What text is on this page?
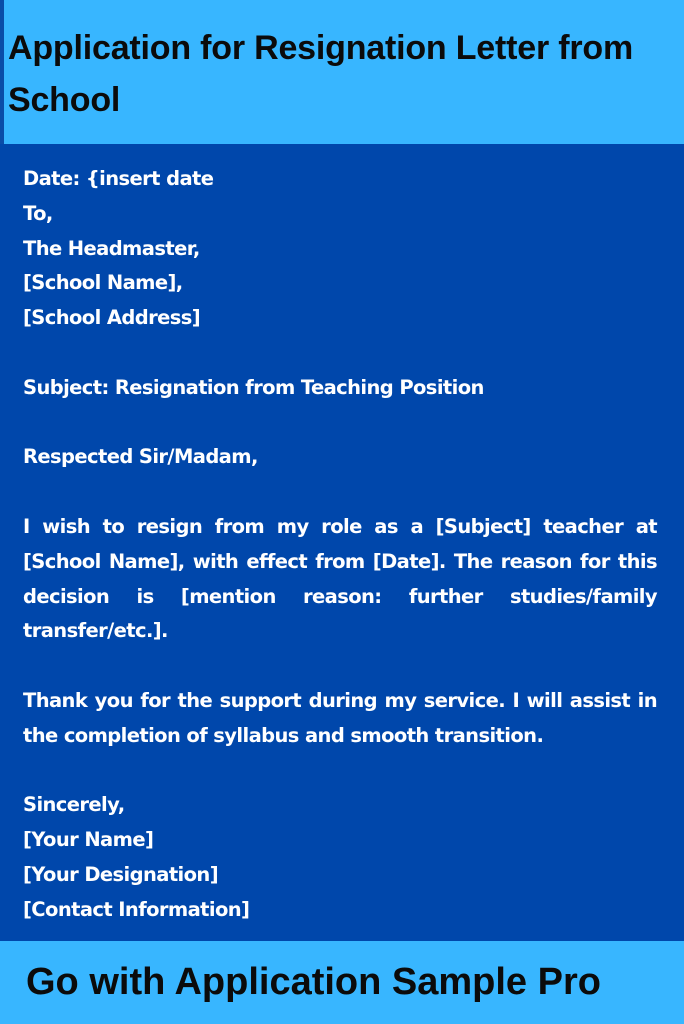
Application for Resignation Letter from School
Date: {insert date
To,
The Headmaster,
[School Name],
[School Address]
Subject: Resignation from Teaching Position
Respected Sir/Madam,
I wish to resign from my role as a [Subject] teacher at [School Name], with effect from [Date]. The reason for this decision is [mention reason: further studies/family transfer/etc.].
Thank you for the support during my service. I will assist in the completion of syllabus and smooth transition.
Sincerely,
[Your Name]
[Your Designation]
[Contact Information]
Go with Application Sample Pro
